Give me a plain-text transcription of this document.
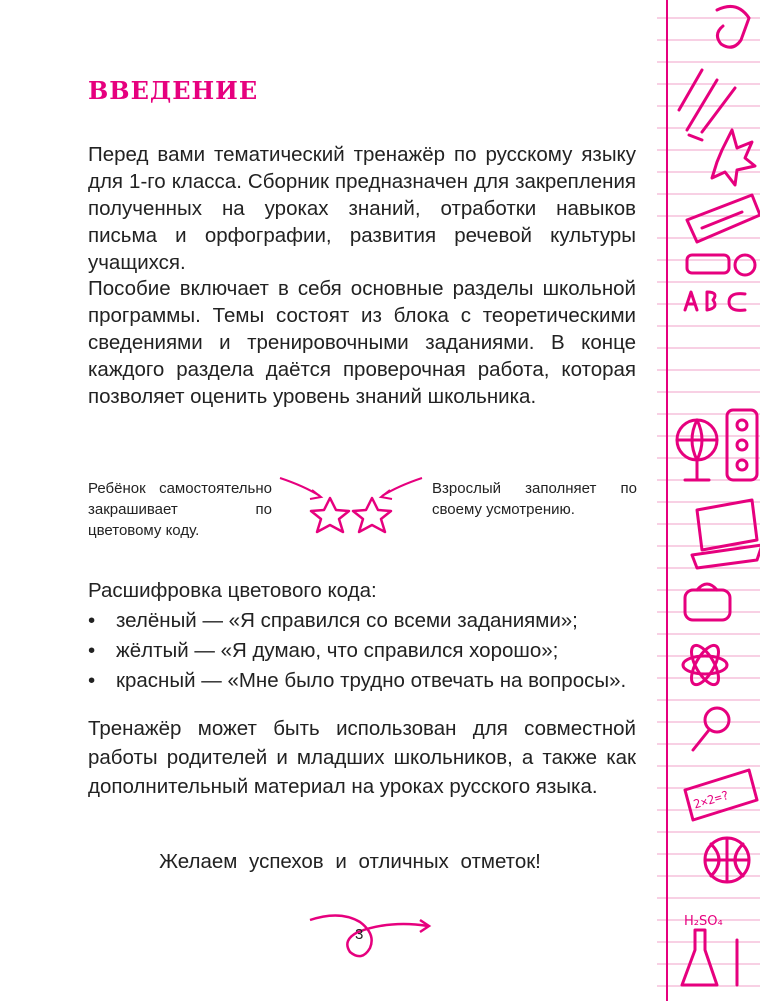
ВВЕДЕНИЕ

Перед вами тематический тренажёр по русскому языку для 1-го класса. Сборник предназначен для закрепления полученных на уроках знаний, отработки навыков письма и орфографии, развития речевой культуры учащихся.

Пособие включает в себя основные разделы школьной программы. Темы состоят из блока с теоретическими сведениями и тренировочными заданиями. В конце каждого раздела даётся проверочная работа, которая позволяет оценить уровень знаний школьника.

Ребёнок самостоятельно закрашивает по цветовому коду.
Взрослый заполняет по своему усмотрению.
Расшифровка цветового кода:
•	зелёный — «Я справился со всеми заданиями»;
•	жёлтый — «Я думаю, что справился хорошо»;
•	красный — «Мне было трудно отвечать на вопросы».
Тренажёр может быть использован для совместной работы родителей и младших школьников, а также как дополнительный материал на уроках русского языка.
Желаем успехов и отличных отметок!
3
2×2=?
H₂SO₄
